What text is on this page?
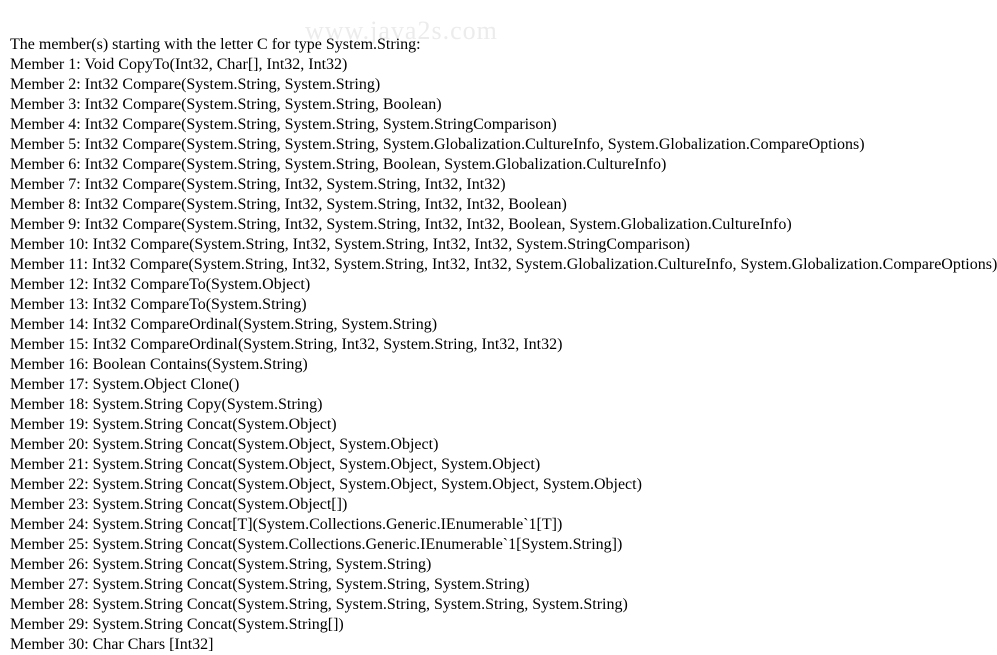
www.java2s.com
The member(s) starting with the letter C for type System.String:
Member 1: Void CopyTo(Int32, Char[], Int32, Int32)
Member 2: Int32 Compare(System.String, System.String)
Member 3: Int32 Compare(System.String, System.String, Boolean)
Member 4: Int32 Compare(System.String, System.String, System.StringComparison)
Member 5: Int32 Compare(System.String, System.String, System.Globalization.CultureInfo, System.Globalization.CompareOptions)
Member 6: Int32 Compare(System.String, System.String, Boolean, System.Globalization.CultureInfo)
Member 7: Int32 Compare(System.String, Int32, System.String, Int32, Int32)
Member 8: Int32 Compare(System.String, Int32, System.String, Int32, Int32, Boolean)
Member 9: Int32 Compare(System.String, Int32, System.String, Int32, Int32, Boolean, System.Globalization.CultureInfo)
Member 10: Int32 Compare(System.String, Int32, System.String, Int32, Int32, System.StringComparison)
Member 11: Int32 Compare(System.String, Int32, System.String, Int32, Int32, System.Globalization.CultureInfo, System.Globalization.CompareOptions)
Member 12: Int32 CompareTo(System.Object)
Member 13: Int32 CompareTo(System.String)
Member 14: Int32 CompareOrdinal(System.String, System.String)
Member 15: Int32 CompareOrdinal(System.String, Int32, System.String, Int32, Int32)
Member 16: Boolean Contains(System.String)
Member 17: System.Object Clone()
Member 18: System.String Copy(System.String)
Member 19: System.String Concat(System.Object)
Member 20: System.String Concat(System.Object, System.Object)
Member 21: System.String Concat(System.Object, System.Object, System.Object)
Member 22: System.String Concat(System.Object, System.Object, System.Object, System.Object)
Member 23: System.String Concat(System.Object[])
Member 24: System.String Concat[T](System.Collections.Generic.IEnumerable`1[T])
Member 25: System.String Concat(System.Collections.Generic.IEnumerable`1[System.String])
Member 26: System.String Concat(System.String, System.String)
Member 27: System.String Concat(System.String, System.String, System.String)
Member 28: System.String Concat(System.String, System.String, System.String, System.String)
Member 29: System.String Concat(System.String[])
Member 30: Char Chars [Int32]
